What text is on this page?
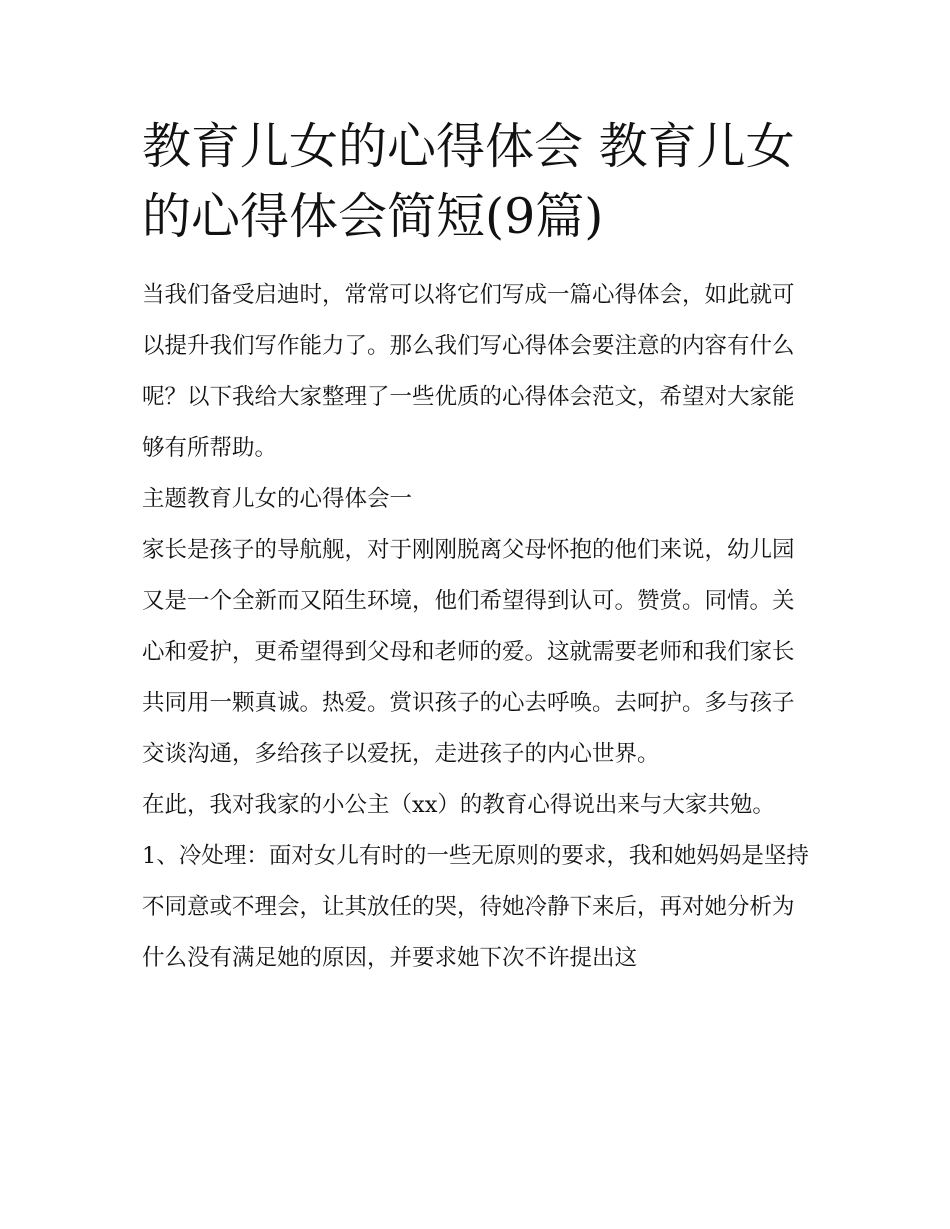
教育儿女的心得体会 教育儿女的心得体会简短(9篇)

当我们备受启迪时，常常可以将它们写成一篇心得体会，如此就可以提升我们写作能力了。那么我们写心得体会要注意的内容有什么呢？以下我给大家整理了一些优质的心得体会范文，希望对大家能够有所帮助。

主题教育儿女的心得体会一

家长是孩子的导航舰，对于刚刚脱离父母怀抱的他们来说，幼儿园又是一个全新而又陌生环境，他们希望得到认可。赞赏。同情。关心和爱护，更希望得到父母和老师的爱。这就需要老师和我们家长共同用一颗真诚。热爱。赏识孩子的心去呼唤。去呵护。多与孩子交谈沟通，多给孩子以爱抚，走进孩子的内心世界。

在此，我对我家的小公主（xx）的教育心得说出来与大家共勉。

1、冷处理：面对女儿有时的一些无原则的要求，我和她妈妈是坚持不同意或不理会，让其放任的哭，待她冷静下来后，再对她分析为什么没有满足她的原因，并要求她下次不许提出这
